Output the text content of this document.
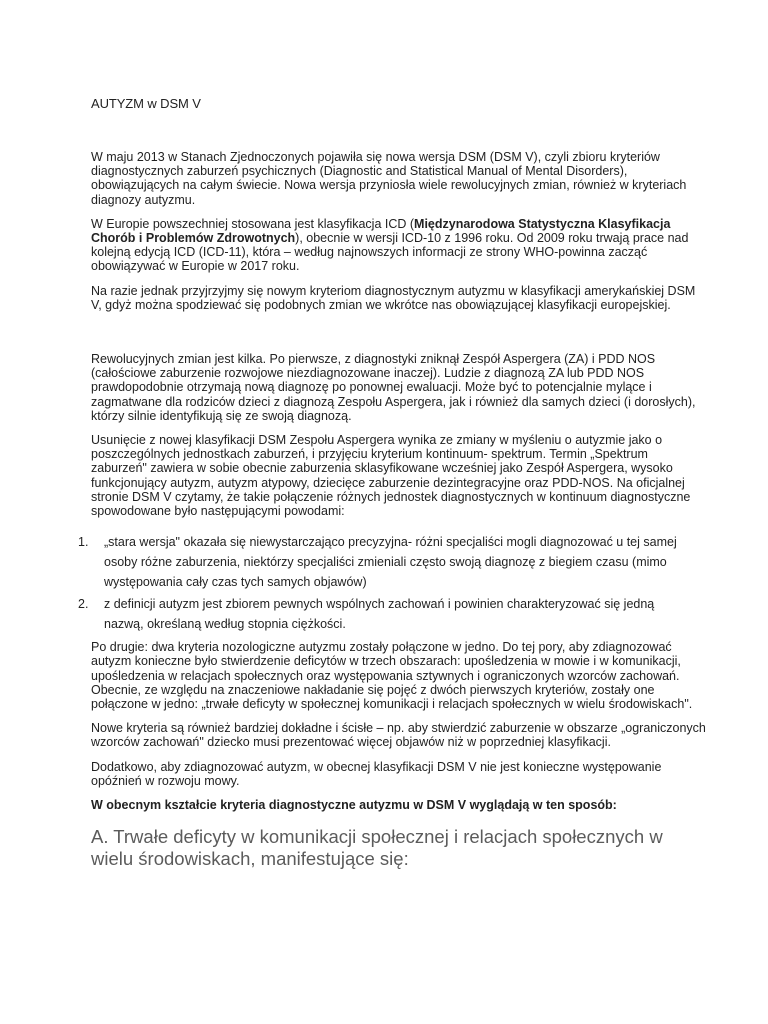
AUTYZM w DSM V

W maju 2013 w Stanach Zjednoczonych pojawiła się nowa wersja DSM (DSM V), czyli zbioru kryteriów diagnostycznych zaburzeń psychicznych (Diagnostic and Statistical Manual of Mental Disorders), obowiązujących na całym świecie. Nowa wersja przyniosła wiele rewolucyjnych zmian, również w kryteriach diagnozy autyzmu.

W Europie powszechniej stosowana jest klasyfikacja ICD (Międzynarodowa Statystyczna Klasyfikacja Chorób i Problemów Zdrowotnych), obecnie w wersji ICD-10 z 1996 roku. Od 2009 roku trwają prace nad kolejną edycją ICD (ICD-11), która – według najnowszych informacji ze strony WHO-powinna zacząć obowiązywać w Europie w 2017 roku.

Na razie jednak przyjrzyjmy się nowym kryteriom diagnostycznym autyzmu w klasyfikacji amerykańskiej DSM V, gdyż można spodziewać się podobnych zmian we wkrótce nas obowiązującej klasyfikacji europejskiej.

Rewolucyjnych zmian jest kilka. Po pierwsze, z diagnostyki zniknął Zespół Aspergera (ZA) i PDD NOS (całościowe zaburzenie rozwojowe niezdiagnozowane inaczej). Ludzie z diagnozą ZA lub PDD NOS prawdopodobnie otrzymają nową diagnozę po ponownej ewaluacji. Może być to potencjalnie mylące i zagmatwane dla rodziców dzieci z diagnozą Zespołu Aspergera, jak i również dla samych dzieci (i dorosłych), którzy silnie identyfikują się ze swoją diagnozą.

Usunięcie z nowej klasyfikacji DSM Zespołu Aspergera wynika ze zmiany w myśleniu o autyzmie jako o poszczególnych jednostkach zaburzeń, i przyjęciu kryterium kontinuum- spektrum. Termin „Spektrum zaburzeń" zawiera w sobie obecnie zaburzenia sklasyfikowane wcześniej jako Zespół Aspergera, wysoko funkcjonujący autyzm, autyzm atypowy, dziecięce zaburzenie dezintegracyjne oraz PDD-NOS. Na oficjalnej stronie DSM V czytamy, że takie połączenie różnych jednostek diagnostycznych w kontinuum diagnostyczne spowodowane było następującymi powodami:

1. „stara wersja" okazała się niewystarczająco precyzyjna- różni specjaliści mogli diagnozować u tej samej osoby różne zaburzenia, niektórzy specjaliści zmieniali często swoją diagnozę z biegiem czasu (mimo występowania cały czas tych samych objawów)
2. z definicji autyzm jest zbiorem pewnych wspólnych zachowań i powinien charakteryzować się jedną nazwą, określaną według stopnia ciężkości.

Po drugie: dwa kryteria nozologiczne autyzmu zostały połączone w jedno. Do tej pory, aby zdiagnozować autyzm konieczne było stwierdzenie deficytów w trzech obszarach: upośledzenia w mowie i w komunikacji, upośledzenia w relacjach społecznych oraz występowania sztywnych i ograniczonych wzorców zachowań. Obecnie, ze względu na znaczeniowe nakładanie się pojęć z dwóch pierwszych kryteriów, zostały one połączone w jedno: „trwałe deficyty w społecznej komunikacji i relacjach społecznych w wielu środowiskach".

Nowe kryteria są również bardziej dokładne i ścisłe – np. aby stwierdzić zaburzenie w obszarze „ograniczonych wzorców zachowań" dziecko musi prezentować więcej objawów niż w poprzedniej klasyfikacji.

Dodatkowo, aby zdiagnozować autyzm, w obecnej klasyfikacji DSM V nie jest konieczne występowanie opóźnień w rozwoju mowy.

W obecnym kształcie kryteria diagnostyczne autyzmu w DSM V wyglądają w ten sposób:

A. Trwałe deficyty w komunikacji społecznej i relacjach społecznych w wielu środowiskach, manifestujące się:
